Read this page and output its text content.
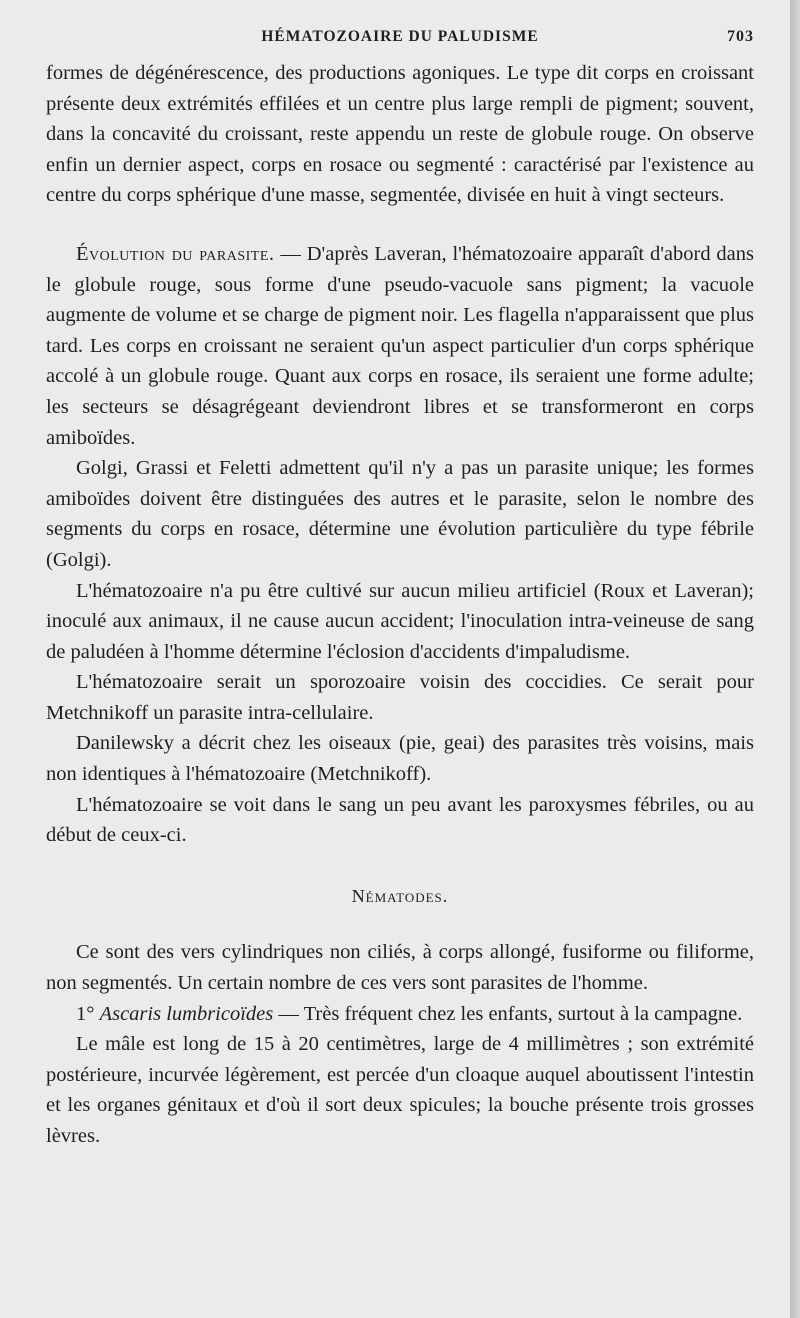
HÉMATOZOAIRE DU PALUDISME	703

formes de dégénérescence, des productions agoniques. Le type dit corps en croissant présente deux extrémités effilées et un centre plus large rempli de pigment; souvent, dans la concavité du croissant, reste appendu un reste de globule rouge. On observe enfin un dernier aspect, corps en rosace ou segmenté : caractérisé par l'existence au centre du corps sphérique d'une masse, segmentée, divisée en huit à vingt secteurs.

Évolution du parasite. — D'après Laveran, l'hématozoaire apparaît d'abord dans le globule rouge, sous forme d'une pseudo-vacuole sans pigment; la vacuole augmente de volume et se charge de pigment noir. Les flagella n'apparaissent que plus tard. Les corps en croissant ne seraient qu'un aspect particulier d'un corps sphérique accolé à un globule rouge. Quant aux corps en rosace, ils seraient une forme adulte; les secteurs se désagrégeant deviendront libres et se transformeront en corps amiboïdes.

Golgi, Grassi et Feletti admettent qu'il n'y a pas un parasite unique; les formes amiboïdes doivent être distinguées des autres et le parasite, selon le nombre des segments du corps en rosace, détermine une évolution particulière du type fébrile (Golgi).

L'hématozoaire n'a pu être cultivé sur aucun milieu artificiel (Roux et Laveran); inoculé aux animaux, il ne cause aucun accident; l'inoculation intra-veineuse de sang de paludéen à l'homme détermine l'éclosion d'accidents d'impaludisme.

L'hématozoaire serait un sporozoaire voisin des coccidies. Ce serait pour Metchnikoff un parasite intra-cellulaire.

Danilewsky a décrit chez les oiseaux (pie, geai) des parasites très voisins, mais non identiques à l'hématozoaire (Metchnikoff).

L'hématozoaire se voit dans le sang un peu avant les paroxysmes fébriles, ou au début de ceux-ci.

Nématodes.

Ce sont des vers cylindriques non ciliés, à corps allongé, fusiforme ou filiforme, non segmentés. Un certain nombre de ces vers sont parasites de l'homme.

1° Ascaris lumbricoïdes — Très fréquent chez les enfants, surtout à la campagne.

Le mâle est long de 15 à 20 centimètres, large de 4 millimètres ; son extrémité postérieure, incurvée légèrement, est percée d'un cloaque auquel aboutissent l'intestin et les organes génitaux et d'où il sort deux spicules; la bouche présente trois grosses lèvres.
